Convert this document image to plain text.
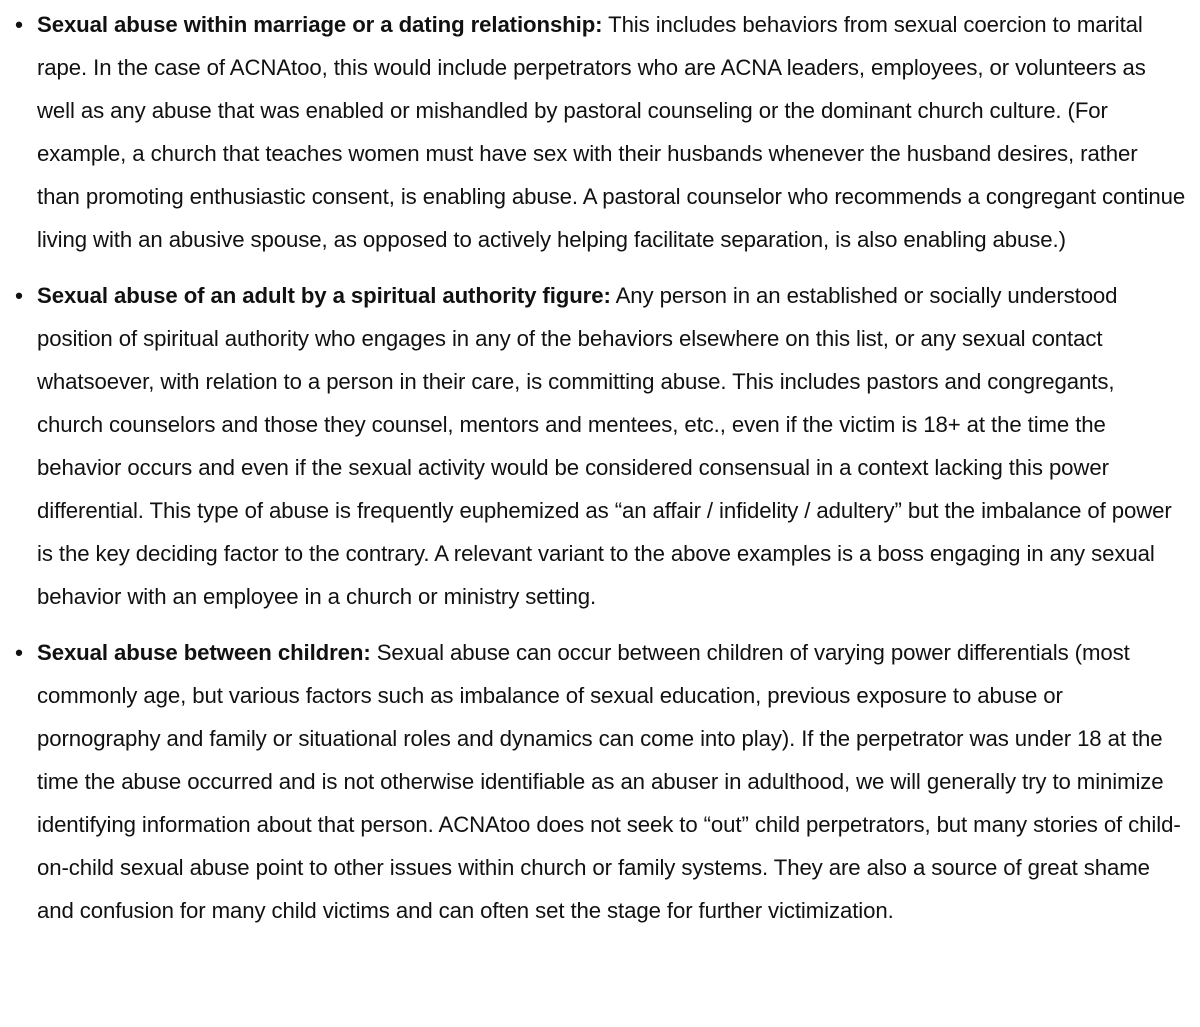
• Sexual abuse within marriage or a dating relationship: This includes behaviors from sexual coercion to marital rape. In the case of ACNAtoo, this would include perpetrators who are ACNA leaders, employees, or volunteers as well as any abuse that was enabled or mishandled by pastoral counseling or the dominant church culture. (For example, a church that teaches women must have sex with their husbands whenever the husband desires, rather than promoting enthusiastic consent, is enabling abuse. A pastoral counselor who recommends a congregant continue living with an abusive spouse, as opposed to actively helping facilitate separation, is also enabling abuse.)
• Sexual abuse of an adult by a spiritual authority figure: Any person in an established or socially understood position of spiritual authority who engages in any of the behaviors elsewhere on this list, or any sexual contact whatsoever, with relation to a person in their care, is committing abuse. This includes pastors and congregants, church counselors and those they counsel, mentors and mentees, etc., even if the victim is 18+ at the time the behavior occurs and even if the sexual activity would be considered consensual in a context lacking this power differential. This type of abuse is frequently euphemized as “an affair / infidelity / adultery” but the imbalance of power is the key deciding factor to the contrary. A relevant variant to the above examples is a boss engaging in any sexual behavior with an employee in a church or ministry setting.
• Sexual abuse between children: Sexual abuse can occur between children of varying power differentials (most commonly age, but various factors such as imbalance of sexual education, previous exposure to abuse or pornography and family or situational roles and dynamics can come into play). If the perpetrator was under 18 at the time the abuse occurred and is not otherwise identifiable as an abuser in adulthood, we will generally try to minimize identifying information about that person. ACNAtoo does not seek to “out” child perpetrators, but many stories of child-on-child sexual abuse point to other issues within church or family systems. They are also a source of great shame and confusion for many child victims and can often set the stage for further victimization.
